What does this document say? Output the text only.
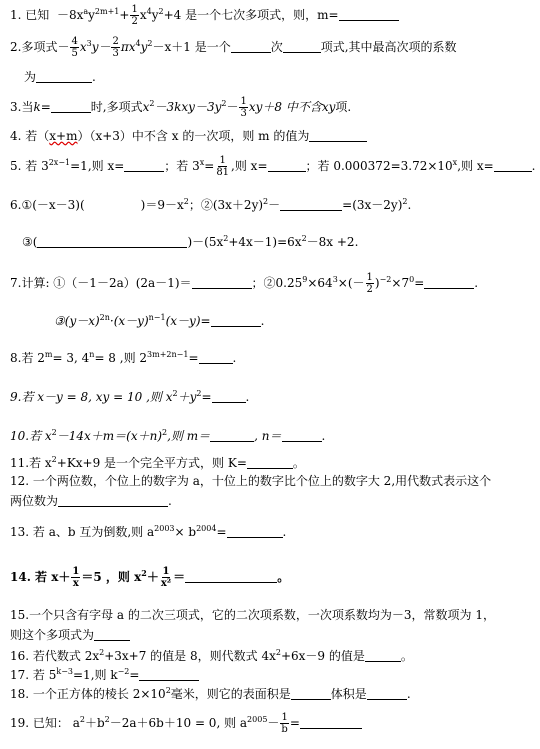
1. 已知 $-8x^ay^{2m+1}+ \frac{1}{2} x^4y^2+4$ 是一个七次多项式，则，m=
2.多项式－ $\frac{4}{5} x^3y- \frac{2}{3} \pi x^4y^2-x+1$ 是一个	次	项式,其中最高次项的系数
为	.
3.当k=	时,多项式$x^2-3kxy-3y^2- \frac{1}{3} xy+8$ 中不含xy项.
4. 若（x+m）（x+3）中不含 x 的一次项，则 m 的值为
5. 若 $3^{2x-1}=1$,则 x=	；若 $3^x= \frac{1}{81}$ ,则 x=	；若 $0.000372=3.72\times 10^x$,则 x=	.
6.①(－x－3)(	)$=9-x^2$；$②(3x+2y)^2-$	$=(3x-2y)^2$.
③(	)$-(5x^2+4x-1)=6x^2-8x +2$.
7.计算: ①（－1－2a）(2a－1)＝	；$②0.25^9\times 64^3\times(- \frac{1}{2} )^{-2}\times 7^0=$	.
$③(y-x)^{2n}\cdot(x-y)^{n-1}(x-y)=$	.
8.若 $2^m= 3$, $4^n= 8$ ,则 $2^{3m+2n-1}=$	.
9.若 x－y = 8, xy = 10 ,则 $x^2+y^2=$	.
10.若 $x^2-14x+m=(x+n)^2$,则 m＝	, n＝	.
11.若 $x^2+Kx+9$ 是一个完全平方式，则 K=	。
12. 一个两位数，个位上的数字为 a，十位上的数字比个位上的数字大 2,用代数式表示这个
两位数为	.
13. 若 a、b 互为倒数,则 $a^{2003}\times b^{2004}=$	.
14. 若 $x+ \frac{1}{x} =5$ ，则 $x^2+ \frac{1}{\text{x²}}$ ＝	。
15.一个只含有字母 a 的二次三项式，它的二次项系数，一次项系数均为－3，常数项为 1，
则这个多项式为
16. 若代数式 $2x^2+3x+7$ 的值是 8，则代数式 $4x^2+6x-9$ 的值是	。
17. 若 $5^{k-3}=1$,则 $k^{-2}=$
18. 一个正方体的棱长 $2\times 10^2$毫米，则它的表面积是	体积是	.
19. 已知： $a^2+b^2-2a+6b+10 = 0$, 则 $a^{2005}- \frac{1}{b}$ =
